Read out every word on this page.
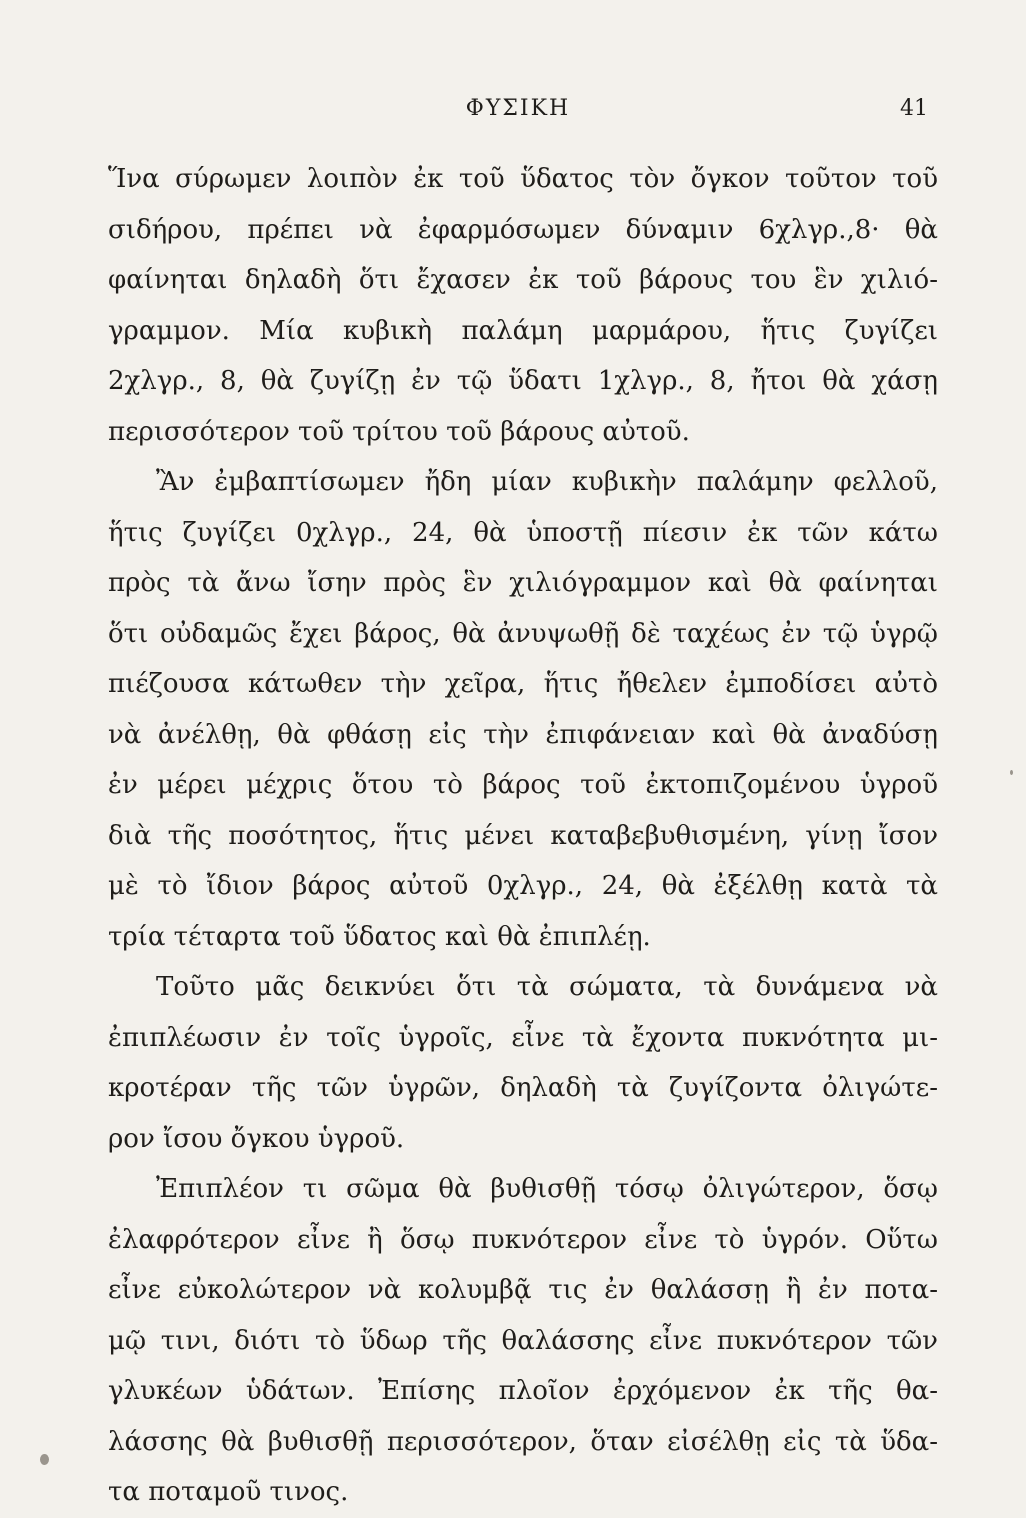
ΦΥΣΙΚΗ	41
Ἵνα σύρωμεν λοιπὸν ἐκ τοῦ ὕδατος τὸν ὄγκον τοῦτον τοῦ
σιδήρου, πρέπει νὰ ἐφαρμόσωμεν δύναμιν 6χλγρ.,8· θὰ
φαίνηται δηλαδὴ ὅτι ἔχασεν ἐκ τοῦ βάρους του ἓν χιλιό-
γραμμον. Μία κυβικὴ παλάμη μαρμάρου, ἥτις ζυγίζει
2χλγρ., 8, θὰ ζυγίζῃ ἐν τῷ ὕδατι 1χλγρ., 8, ἤτοι θὰ χάσῃ
περισσότερον τοῦ τρίτου τοῦ βάρους αὐτοῦ.
Ἂν ἐμβαπτίσωμεν ἤδη μίαν κυβικὴν παλάμην φελλοῦ,
ἥτις ζυγίζει 0χλγρ., 24, θὰ ὑποστῇ πίεσιν ἐκ τῶν κάτω
πρὸς τὰ ἄνω ἴσην πρὸς ἓν χιλιόγραμμον καὶ θὰ φαίνηται
ὅτι οὐδαμῶς ἔχει βάρος, θὰ ἀνυψωθῇ δὲ ταχέως ἐν τῷ ὑγρῷ
πιέζουσα κάτωθεν τὴν χεῖρα, ἥτις ἤθελεν ἐμποδίσει αὐτὸ
νὰ ἀνέλθῃ, θὰ φθάσῃ εἰς τὴν ἐπιφάνειαν καὶ θὰ ἀναδύσῃ
ἐν μέρει μέχρις ὅτου τὸ βάρος τοῦ ἐκτοπιζομένου ὑγροῦ
διὰ τῆς ποσότητος, ἥτις μένει καταβεβυθισμένη, γίνῃ ἴσον
μὲ τὸ ἴδιον βάρος αὐτοῦ 0χλγρ., 24, θὰ ἐξέλθῃ κατὰ τὰ
τρία τέταρτα τοῦ ὕδατος καὶ θὰ ἐπιπλέῃ.
Τοῦτο μᾶς δεικνύει ὅτι τὰ σώματα, τὰ δυνάμενα νὰ
ἐπιπλέωσιν ἐν τοῖς ὑγροῖς, εἶνε τὰ ἔχοντα πυκνότητα μι-
κροτέραν τῆς τῶν ὑγρῶν, δηλαδὴ τὰ ζυγίζοντα ὀλιγώτε-
ρον ἴσου ὄγκου ὑγροῦ.
Ἐπιπλέον τι σῶμα θὰ βυθισθῇ τόσῳ ὀλιγώτερον, ὅσῳ
ἐλαφρότερον εἶνε ἢ ὅσῳ πυκνότερον εἶνε τὸ ὑγρόν. Οὕτω
εἶνε εὐκολώτερον νὰ κολυμβᾷ τις ἐν θαλάσσῃ ἢ ἐν ποτα-
μῷ τινι, διότι τὸ ὕδωρ τῆς θαλάσσης εἶνε πυκνότερον τῶν
γλυκέων ὑδάτων. Ἐπίσης πλοῖον ἐρχόμενον ἐκ τῆς θα-
λάσσης θὰ βυθισθῇ περισσότερον, ὅταν εἰσέλθῃ εἰς τὰ ὕδα-
τα ποταμοῦ τινος.
